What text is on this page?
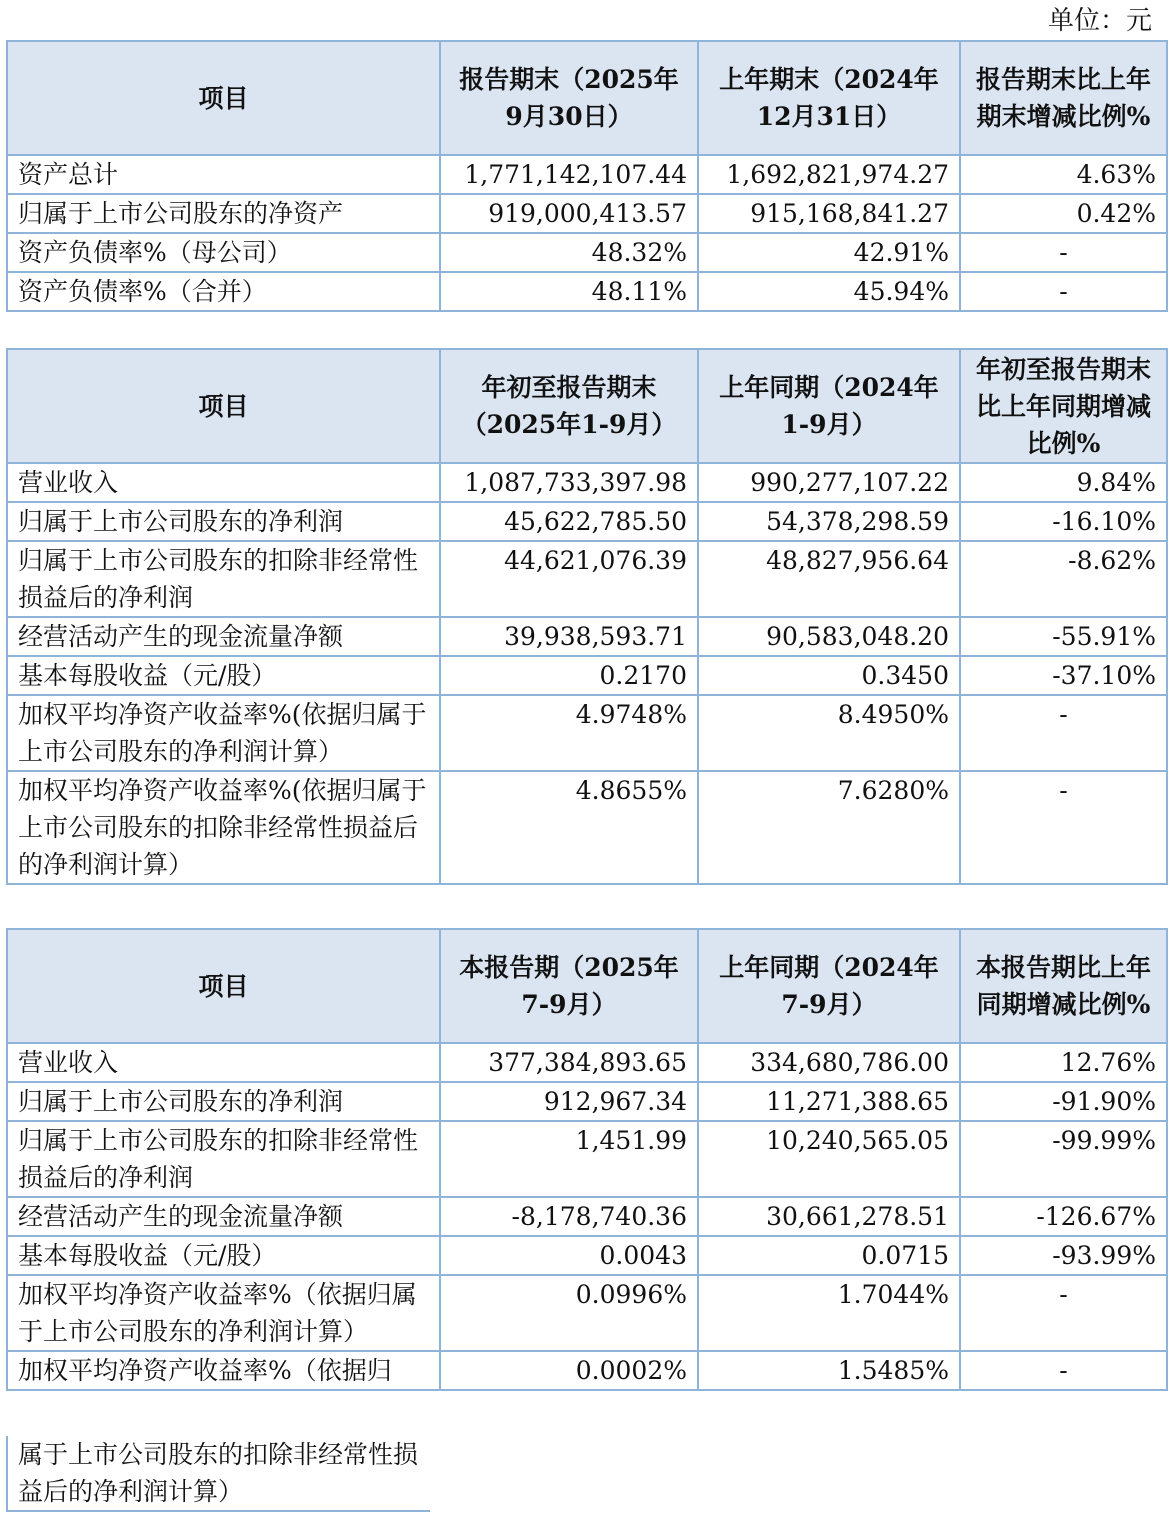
单位：元
项目	报告期末（2025年9月30日）	上年期末（2024年12月31日）	报告期末比上年期末增减比例%
资产总计	1,771,142,107.44	1,692,821,974.27	4.63%
归属于上市公司股东的净资产	919,000,413.57	915,168,841.27	0.42%
资产负债率%（母公司）	48.32%	42.91%	-
资产负债率%（合并）	48.11%	45.94%	-
项目	年初至报告期末（2025年1-9月）	上年同期（2024年1-9月）	年初至报告期末比上年同期增减比例%
营业收入	1,087,733,397.98	990,277,107.22	9.84%
归属于上市公司股东的净利润	45,622,785.50	54,378,298.59	-16.10%
归属于上市公司股东的扣除非经常性损益后的净利润	44,621,076.39	48,827,956.64	-8.62%
经营活动产生的现金流量净额	39,938,593.71	90,583,048.20	-55.91%
基本每股收益（元/股）	0.2170	0.3450	-37.10%
加权平均净资产收益率%(依据归属于上市公司股东的净利润计算）	4.9748%	8.4950%	-
加权平均净资产收益率%(依据归属于上市公司股东的扣除非经常性损益后的净利润计算）	4.8655%	7.6280%	-
项目	本报告期（2025年7-9月）	上年同期（2024年7-9月）	本报告期比上年同期增减比例%
营业收入	377,384,893.65	334,680,786.00	12.76%
归属于上市公司股东的净利润	912,967.34	11,271,388.65	-91.90%
归属于上市公司股东的扣除非经常性损益后的净利润	1,451.99	10,240,565.05	-99.99%
经营活动产生的现金流量净额	-8,178,740.36	30,661,278.51	-126.67%
基本每股收益（元/股）	0.0043	0.0715	-93.99%
加权平均净资产收益率%（依据归属于上市公司股东的净利润计算）	0.0996%	1.7044%	-
加权平均净资产收益率%（依据归	0.0002%	1.5485%	-
属于上市公司股东的扣除非经常性损益后的净利润计算）
